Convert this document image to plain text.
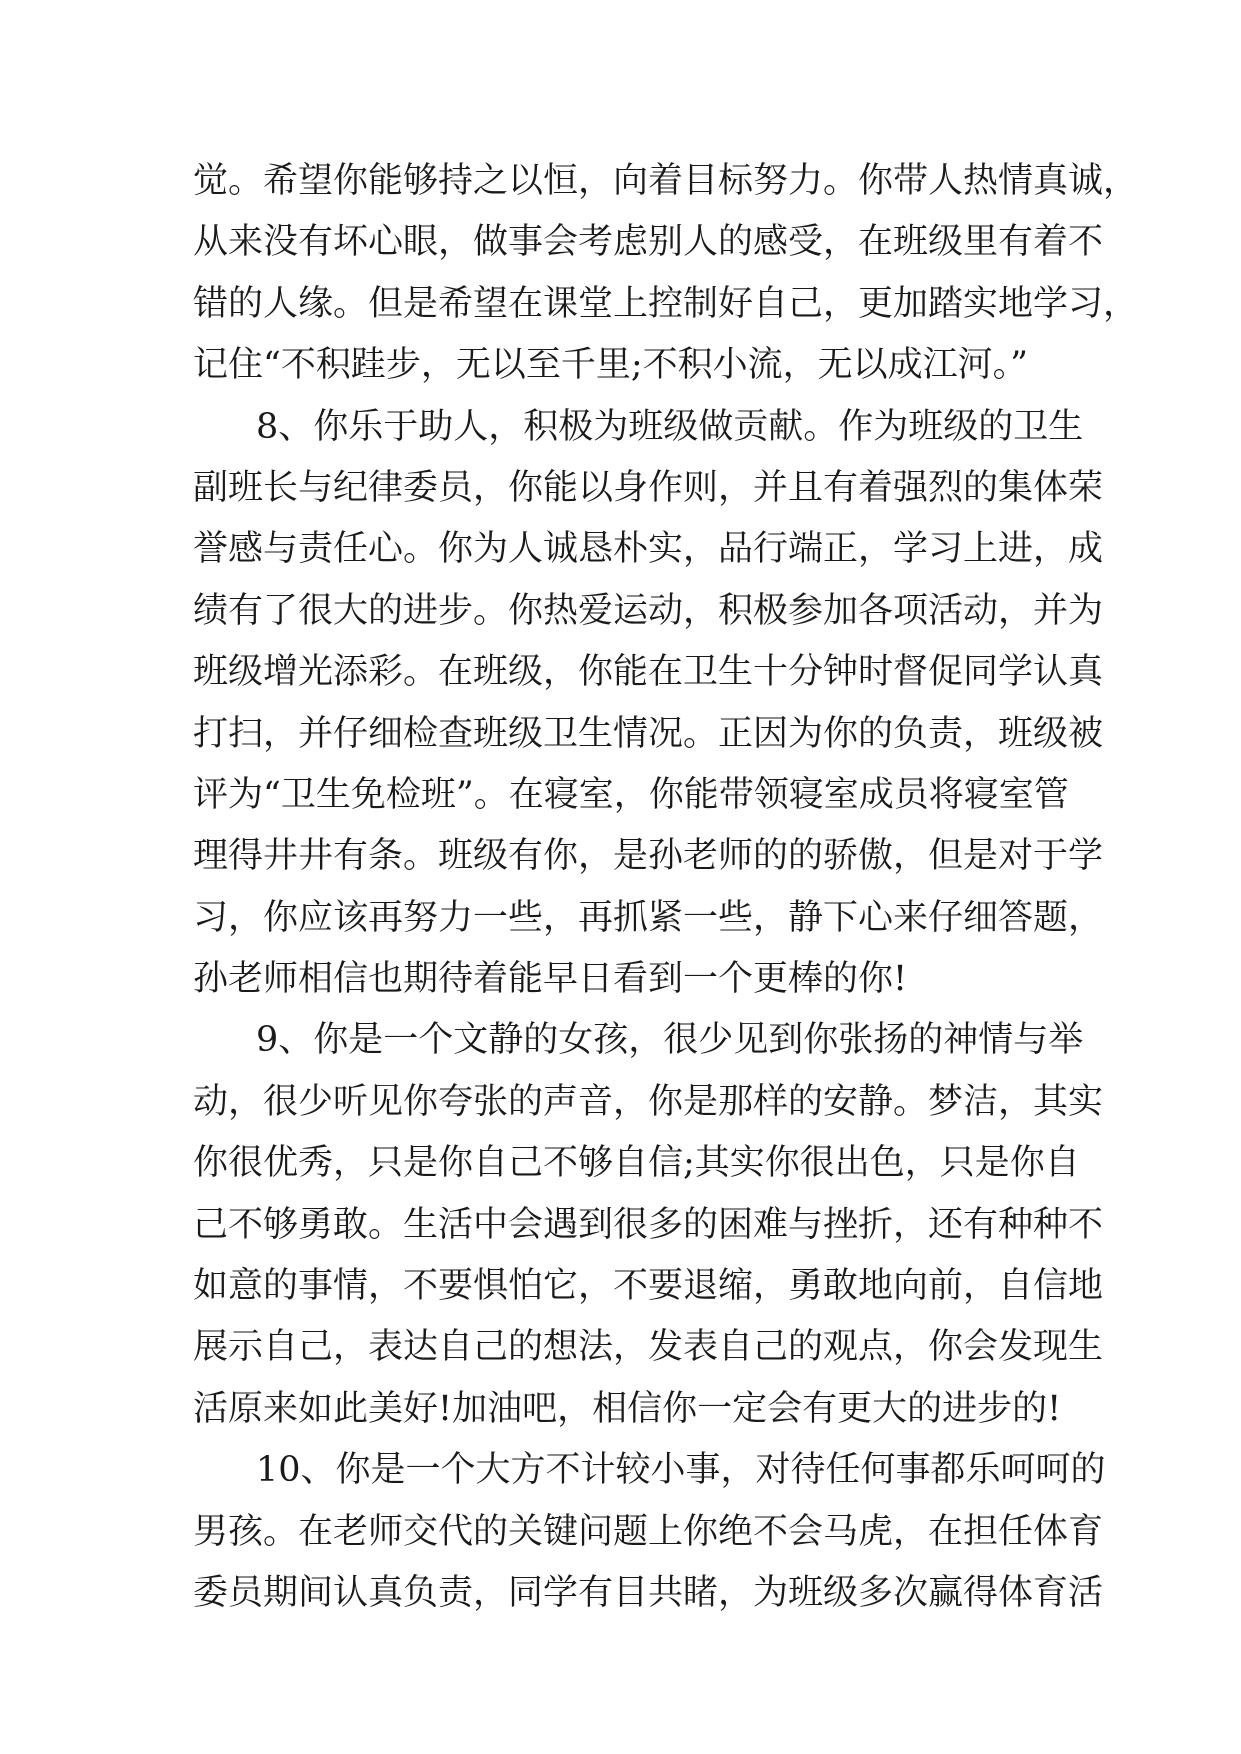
觉。希望你能够持之以恒，向着目标努力。你带人热情真诚，
从来没有坏心眼，做事会考虑别人的感受，在班级里有着不
错的人缘。但是希望在课堂上控制好自己，更加踏实地学习，
记住“不积跬步，无以至千里;不积小流，无以成江河。”
8、你乐于助人，积极为班级做贡献。作为班级的卫生
副班长与纪律委员，你能以身作则，并且有着强烈的集体荣
誉感与责任心。你为人诚恳朴实，品行端正，学习上进，成
绩有了很大的进步。你热爱运动，积极参加各项活动，并为
班级增光添彩。在班级，你能在卫生十分钟时督促同学认真
打扫，并仔细检查班级卫生情况。正因为你的负责，班级被
评为“卫生免检班”。在寝室，你能带领寝室成员将寝室管
理得井井有条。班级有你，是孙老师的的骄傲，但是对于学
习，你应该再努力一些，再抓紧一些，静下心来仔细答题，
孙老师相信也期待着能早日看到一个更棒的你!
9、你是一个文静的女孩，很少见到你张扬的神情与举
动，很少听见你夸张的声音，你是那样的安静。梦洁，其实
你很优秀，只是你自己不够自信;其实你很出色，只是你自
己不够勇敢。生活中会遇到很多的困难与挫折，还有种种不
如意的事情，不要惧怕它，不要退缩，勇敢地向前，自信地
展示自己，表达自己的想法，发表自己的观点，你会发现生
活原来如此美好!加油吧，相信你一定会有更大的进步的!
10、你是一个大方不计较小事，对待任何事都乐呵呵的
男孩。在老师交代的关键问题上你绝不会马虎，在担任体育
委员期间认真负责，同学有目共睹，为班级多次赢得体育活
